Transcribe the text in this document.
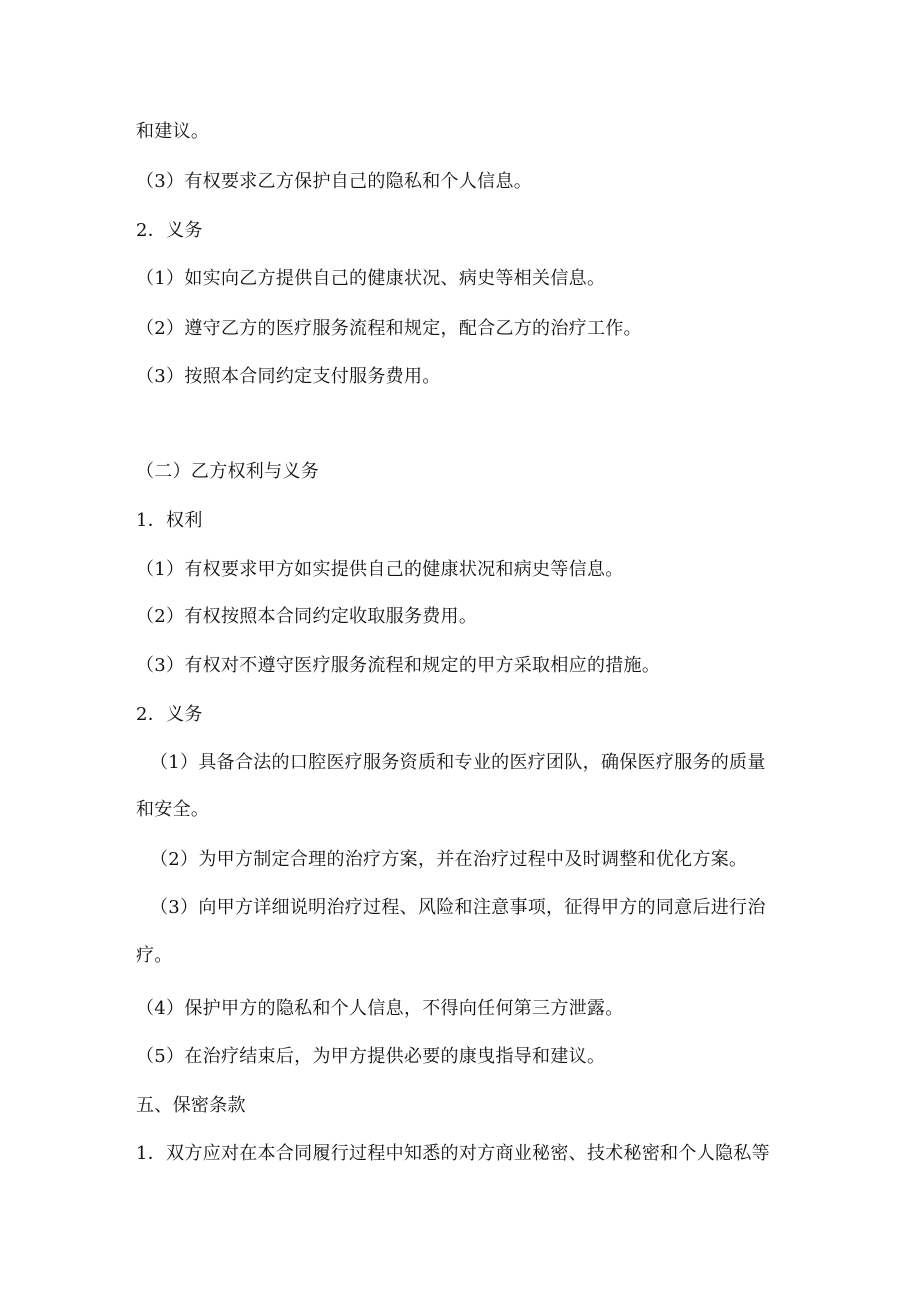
和建议。
（3）有权要求乙方保护自己的隐私和个人信息。
2．义务
（1）如实向乙方提供自己的健康状况、病史等相关信息。
（2）遵守乙方的医疗服务流程和规定，配合乙方的治疗工作。
（3）按照本合同约定支付服务费用。
（二）乙方权利与义务
1．权利
（1）有权要求甲方如实提供自己的健康状况和病史等信息。
（2）有权按照本合同约定收取服务费用。
（3）有权对不遵守医疗服务流程和规定的甲方采取相应的措施。
2．义务
（1）具备合法的口腔医疗服务资质和专业的医疗团队，确保医疗服务的质量
和安全。
（2）为甲方制定合理的治疗方案，并在治疗过程中及时调整和优化方案。
（3）向甲方详细说明治疗过程、风险和注意事项，征得甲方的同意后进行治
疗。
（4）保护甲方的隐私和个人信息，不得向任何第三方泄露。
（5）在治疗结束后，为甲方提供必要的康曳指导和建议。
五、保密条款
1．双方应对在本合同履行过程中知悉的对方商业秘密、技术秘密和个人隐私等
